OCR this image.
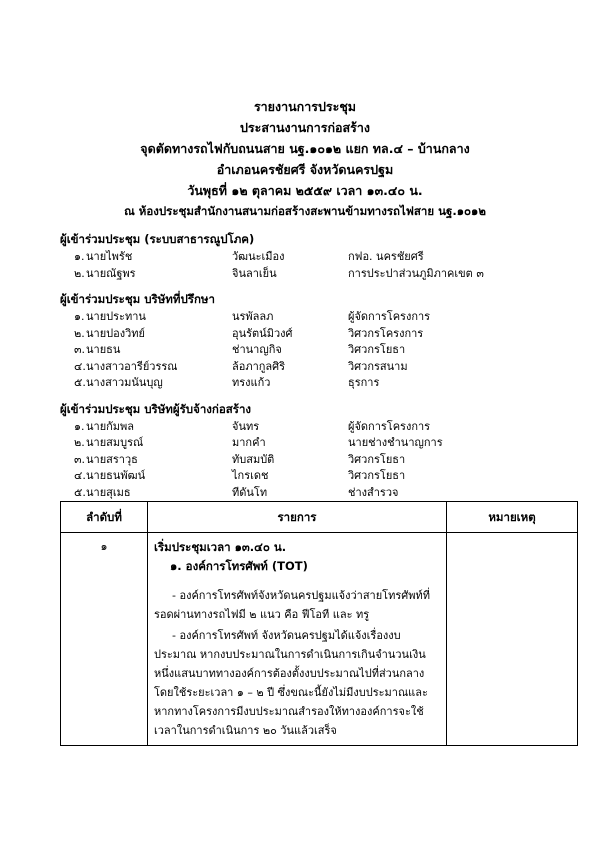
รายงานการประชุม
ประสานงานการก่อสร้าง
จุดตัดทางรถไฟกับถนนสาย นฐ.๑๐๑๒ แยก ทล.๔ – บ้านกลาง
อำเภอนครชัยศรี จังหวัดนครปฐม
วันพุธที่ ๑๒ ตุลาคม ๒๕๕๙ เวลา ๑๓.๔๐ น.
ณ ห้องประชุมสำนักงานสนามก่อสร้างสะพานข้ามทางรถไฟสาย นฐ.๑๐๑๒
ผู้เข้าร่วมประชุม (ระบบสาธารณูปโภค)
๑. นายไพรัช	วัฒนะเมือง	กฟอ. นครชัยศรี
๒. นายณัฐพร	จินลาเย็น	การประปาส่วนภูมิภาคเขต ๓
ผู้เข้าร่วมประชุม บริษัทที่ปรึกษา
๑. นายประทาน	นรพัลลภ	ผู้จัดการโครงการ
๒. นายปองวิทย์	อุนรัตน์มิวงศ์	วิศวกรโครงการ
๓. นายธน	ช่านาญกิจ	วิศวกรโยธา
๔. นางสาวอารีย์วรรณ	ล้อภากูลศิริ	วิศวกรสนาม
๕. นางสาวมนันบุญ	ทรงแก้ว	ธุรการ
ผู้เข้าร่วมประชุม บริษัทผู้รับจ้างก่อสร้าง
๑. นายกัมพล	จันทร	ผู้จัดการโครงการ
๒. นายสมบูรณ์	มากคำ	นายช่างชำนาญการ
๓. นายสราวุธ	ทับสมบัติ	วิศวกรโยธา
๔. นายธนพัฒน์	ไกรเดช	วิศวกรโยธา
๕. นายสุเมธ	ทีดันโท	ช่างสำรวจ
ลำดับที่	รายการ	หมายเหตุ
๑	เริ่มประชุมเวลา ๑๓.๔๐ น.
๑. องค์การโทรศัพท์ (TOT)
- องค์การโทรศัพท์จังหวัดนครปฐมแจ้งว่าสายโทรศัพท์ที่รอดผ่านทางรถไฟมี ๒ แนว คือ ฟีโอที และ ทรู
- องค์การโทรศัพท์ จังหวัดนครปฐมได้แจ้งเรื่องงบประมาณ หากงบประมาณในการดำเนินการเกินจำนวนเงินหนึ่งแสนบาททางองค์การต้องตั้งงบประมาณไปที่ส่วนกลางโดยใช้ระยะเวลา ๑ – ๒ ปี ซึ่งขณะนี้ยังไม่มีงบประมาณและหากทางโครงการมีงบประมาณสำรองให้ทางองค์การจะใช้เวลาในการดำเนินการ ๒๐ วันแล้วเสร็จ	
